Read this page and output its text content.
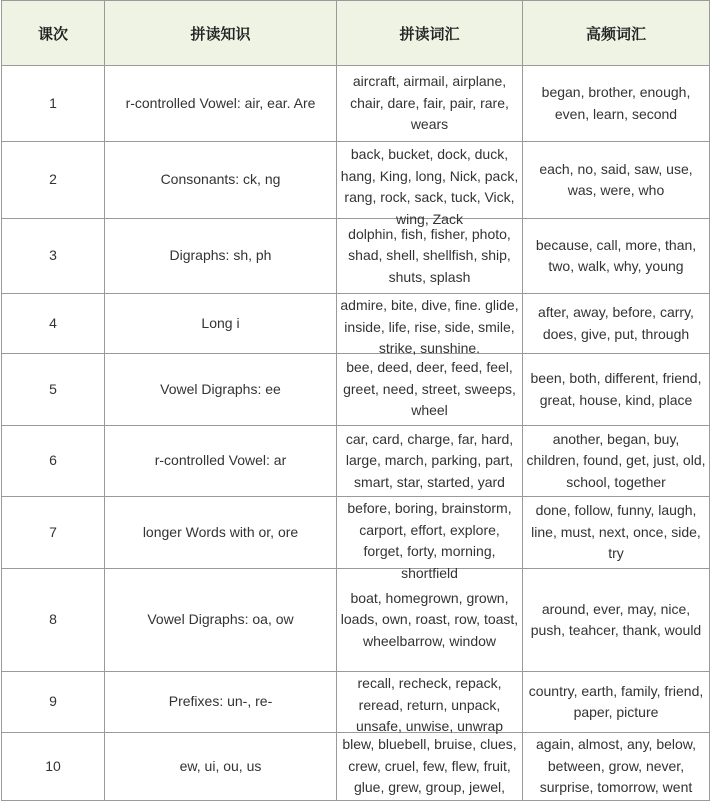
课次	拼读知识	拼读词汇	高频词汇
1	r-controlled Vowel: air, ear. Are	aircraft, airmail, airplane, chair, dare, fair, pair, rare, wears	began, brother, enough, even, learn, second

2	Consonants: ck, ng	back, bucket, dock, duck, hang, King, long, Nick, pack, rang, rock, sack, tuck, Vick, wing, Zack	each, no, said, saw, use, was, were, who

3	Digraphs: sh, ph	dolphin, fish, fisher, photo, shad, shell, shellfish, ship, shuts, splash	because, call, more, than, two, walk, why, young

4	Long i	admire, bite, dive, fine. glide, inside, life, rise, side, smile, strike, sunshine.	after, away, before, carry, does, give, put, through

5	Vowel Digraphs: ee	bee, deed, deer, feed, feel, greet, need, street, sweeps, wheel	been, both, different, friend, great, house, kind, place

6	r-controlled Vowel: ar	car, card, charge, far, hard, large, march, parking, part, smart, star, started, yard	another, began, buy, children, found, get, just, old, school, together

7	longer Words with or, ore	before, boring, brainstorm, carport, effort, explore, forget, forty, morning, shortfield	done, follow, funny, laugh, line, must, next, once, side, try

8	Vowel Digraphs: oa, ow	boat, homegrown, grown, loads, own, roast, row, toast, wheelbarrow, window	around, ever, may, nice, push, teahcer, thank, would

9	Prefixes: un-, re-	recall, recheck, repack, reread, return, unpack, unsafe, unwise, unwrap	country, earth, family, friend, paper, picture

10	ew, ui, ou, us	blew, bluebell, bruise, clues, crew, cruel, few, flew, fruit, glue, grew, group, jewel,	again, almost, any, below, between, grow, never, surprise, tomorrow, went
